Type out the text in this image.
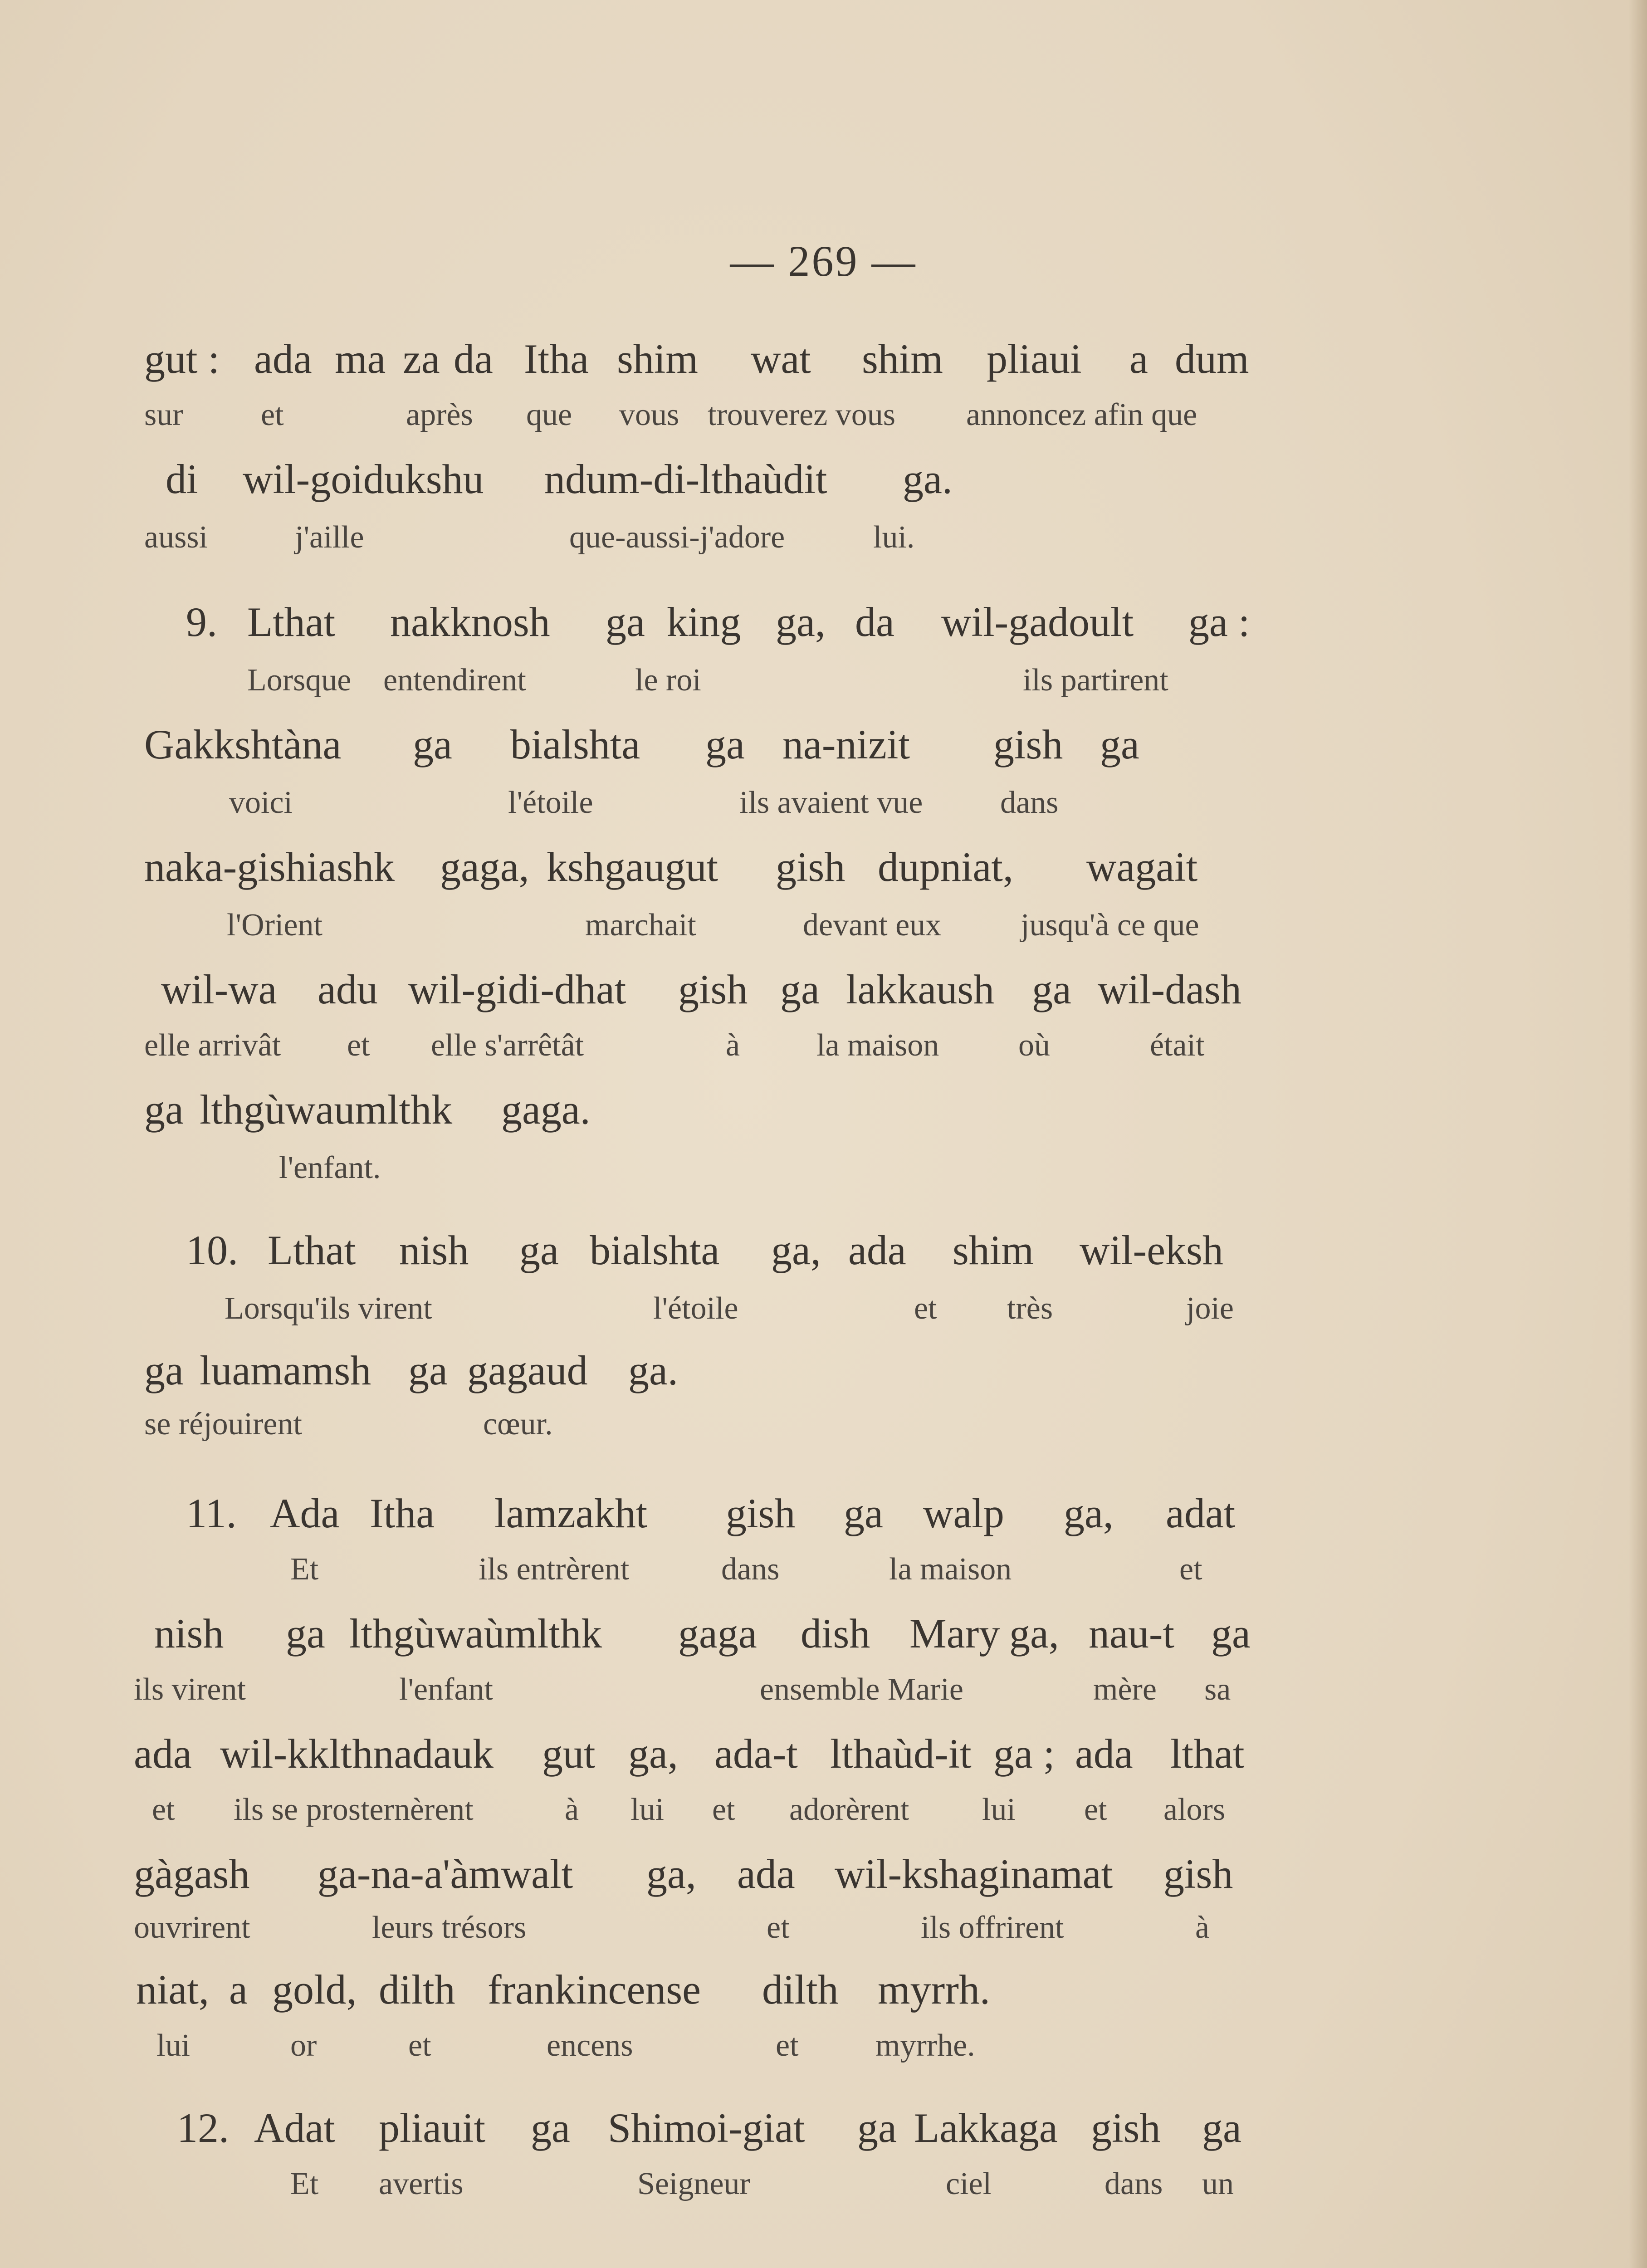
— 269 —
gut : ada ma za da Itha shim wat shim pliaui a dum
sur et	après que vous trouverez vous annoncez afin que
di wil-goidukshu ndum-di-lthaùdit ga.
aussi	j'aille	que-aussi-j'adore	lui.
9. Lthat nakknosh ga king ga, da wil-gadoult ga :
Lorsque entendirent	le roi	ils partirent
Gakkshtàna ga bialshta ga na-nizit gish ga
voici	l'étoile	ils avaient vue dans
naka-gishiashk gaga, kshgaugut gish dupniat, wagait
l'Orient	marchait	devant eux jusqu'à ce que
wil-wa adu wil-gidi-dhat gish ga lakkaush ga wil-dash
elle arrivât et elle s'arrêtât	à la maison où	était
ga lthgùwaumlthk gaga.
l'enfant.
10. Lthat nish ga bialshta ga, ada shim wil-eksh
Lorsqu'ils virent	l'étoile	et très	joie
ga luamamsh ga gagaud ga.
se réjouirent	cœur.
11. Ada Itha lamzakht gish ga walp ga, adat
Et	ils entrèrent	dans	la maison	et
nish ga lthgùwaùmlthk gaga dish Mary ga, nau-t ga
ils virent	l'enfant	ensemble Marie	mère sa
ada wil-kklthnadauk gut ga, ada-t lthaùd-it ga ; ada lthat
et ils se prosternèrent	à lui et adorèrent lui et alors
gàgash ga-na-a'àmwalt ga, ada wil-kshaginamat gish
ouvrirent	leurs trésors	et	ils offrirent	à
niat, a gold, dilth frankincense dilth myrrh.
lui	or	et	encens	et myrrhe.
12. Adat pliauit ga Shimoi-giat ga Lakkaga gish ga
Et avertis	Seigneur	ciel	dans un
